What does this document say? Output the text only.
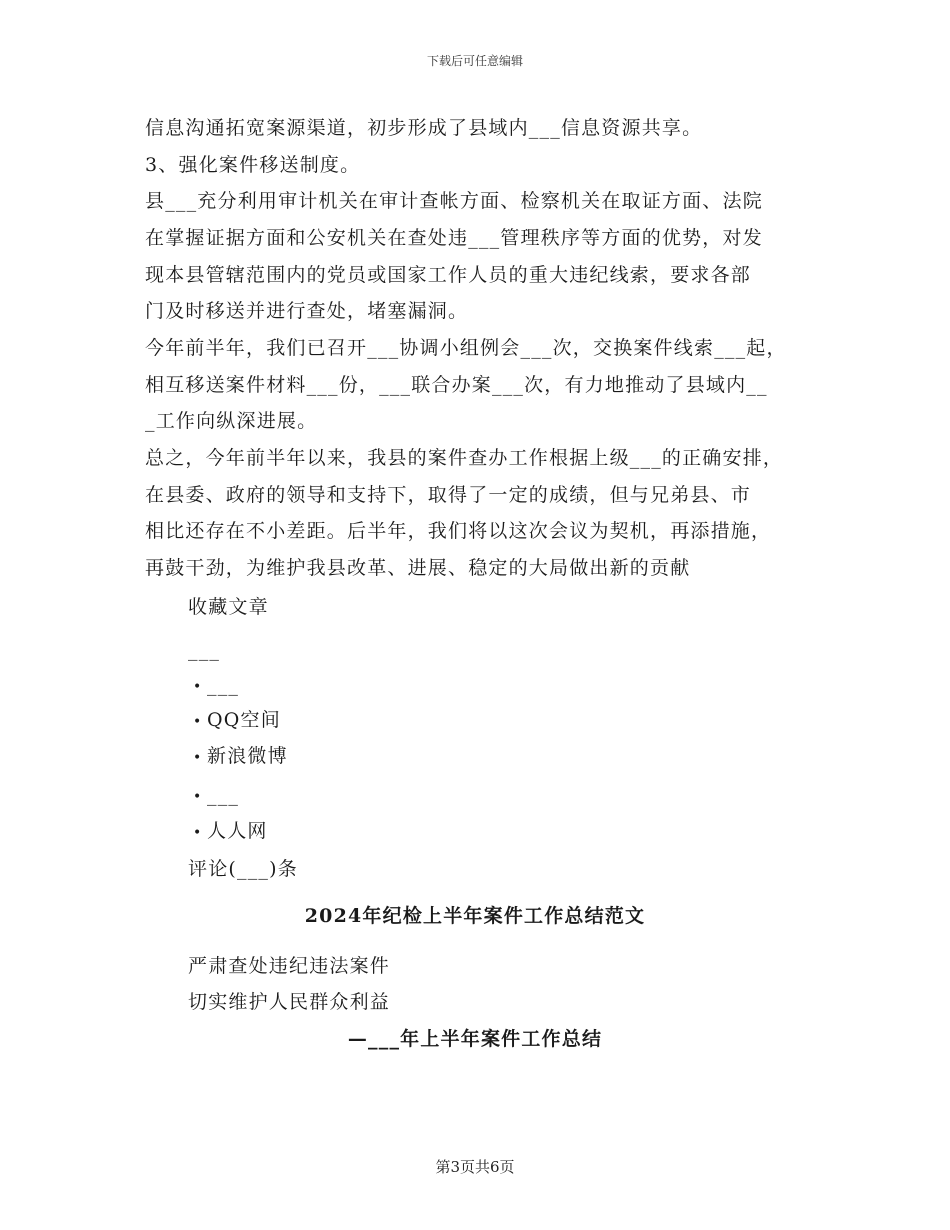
下载后可任意编辑
信息沟通拓宽案源渠道，初步形成了县域内___信息资源共享。
3、强化案件移送制度。
县___充分利用审计机关在审计查帐方面、检察机关在取证方面、法院
在掌握证据方面和公安机关在查处违___管理秩序等方面的优势，对发
现本县管辖范围内的党员或国家工作人员的重大违纪线索，要求各部
门及时移送并进行查处，堵塞漏洞。
今年前半年，我们已召开___协调小组例会___次，交换案件线索___起，
相互移送案件材料___份，___联合办案___次，有力地推动了县域内__
_工作向纵深进展。
总之，今年前半年以来，我县的案件查办工作根据上级___的正确安排，
在县委、政府的领导和支持下，取得了一定的成绩，但与兄弟县、市
相比还存在不小差距。后半年，我们将以这次会议为契机，再添措施，
再鼓干劲，为维护我县改革、进展、稳定的大局做出新的贡献
收藏文章
___
• ___
• QQ空间
• 新浪微博
• ___
• 人人网
评论(___)条
2024年纪检上半年案件工作总结范文
严肃查处违纪违法案件
切实维护人民群众利益
—___年上半年案件工作总结
第3页共6页
